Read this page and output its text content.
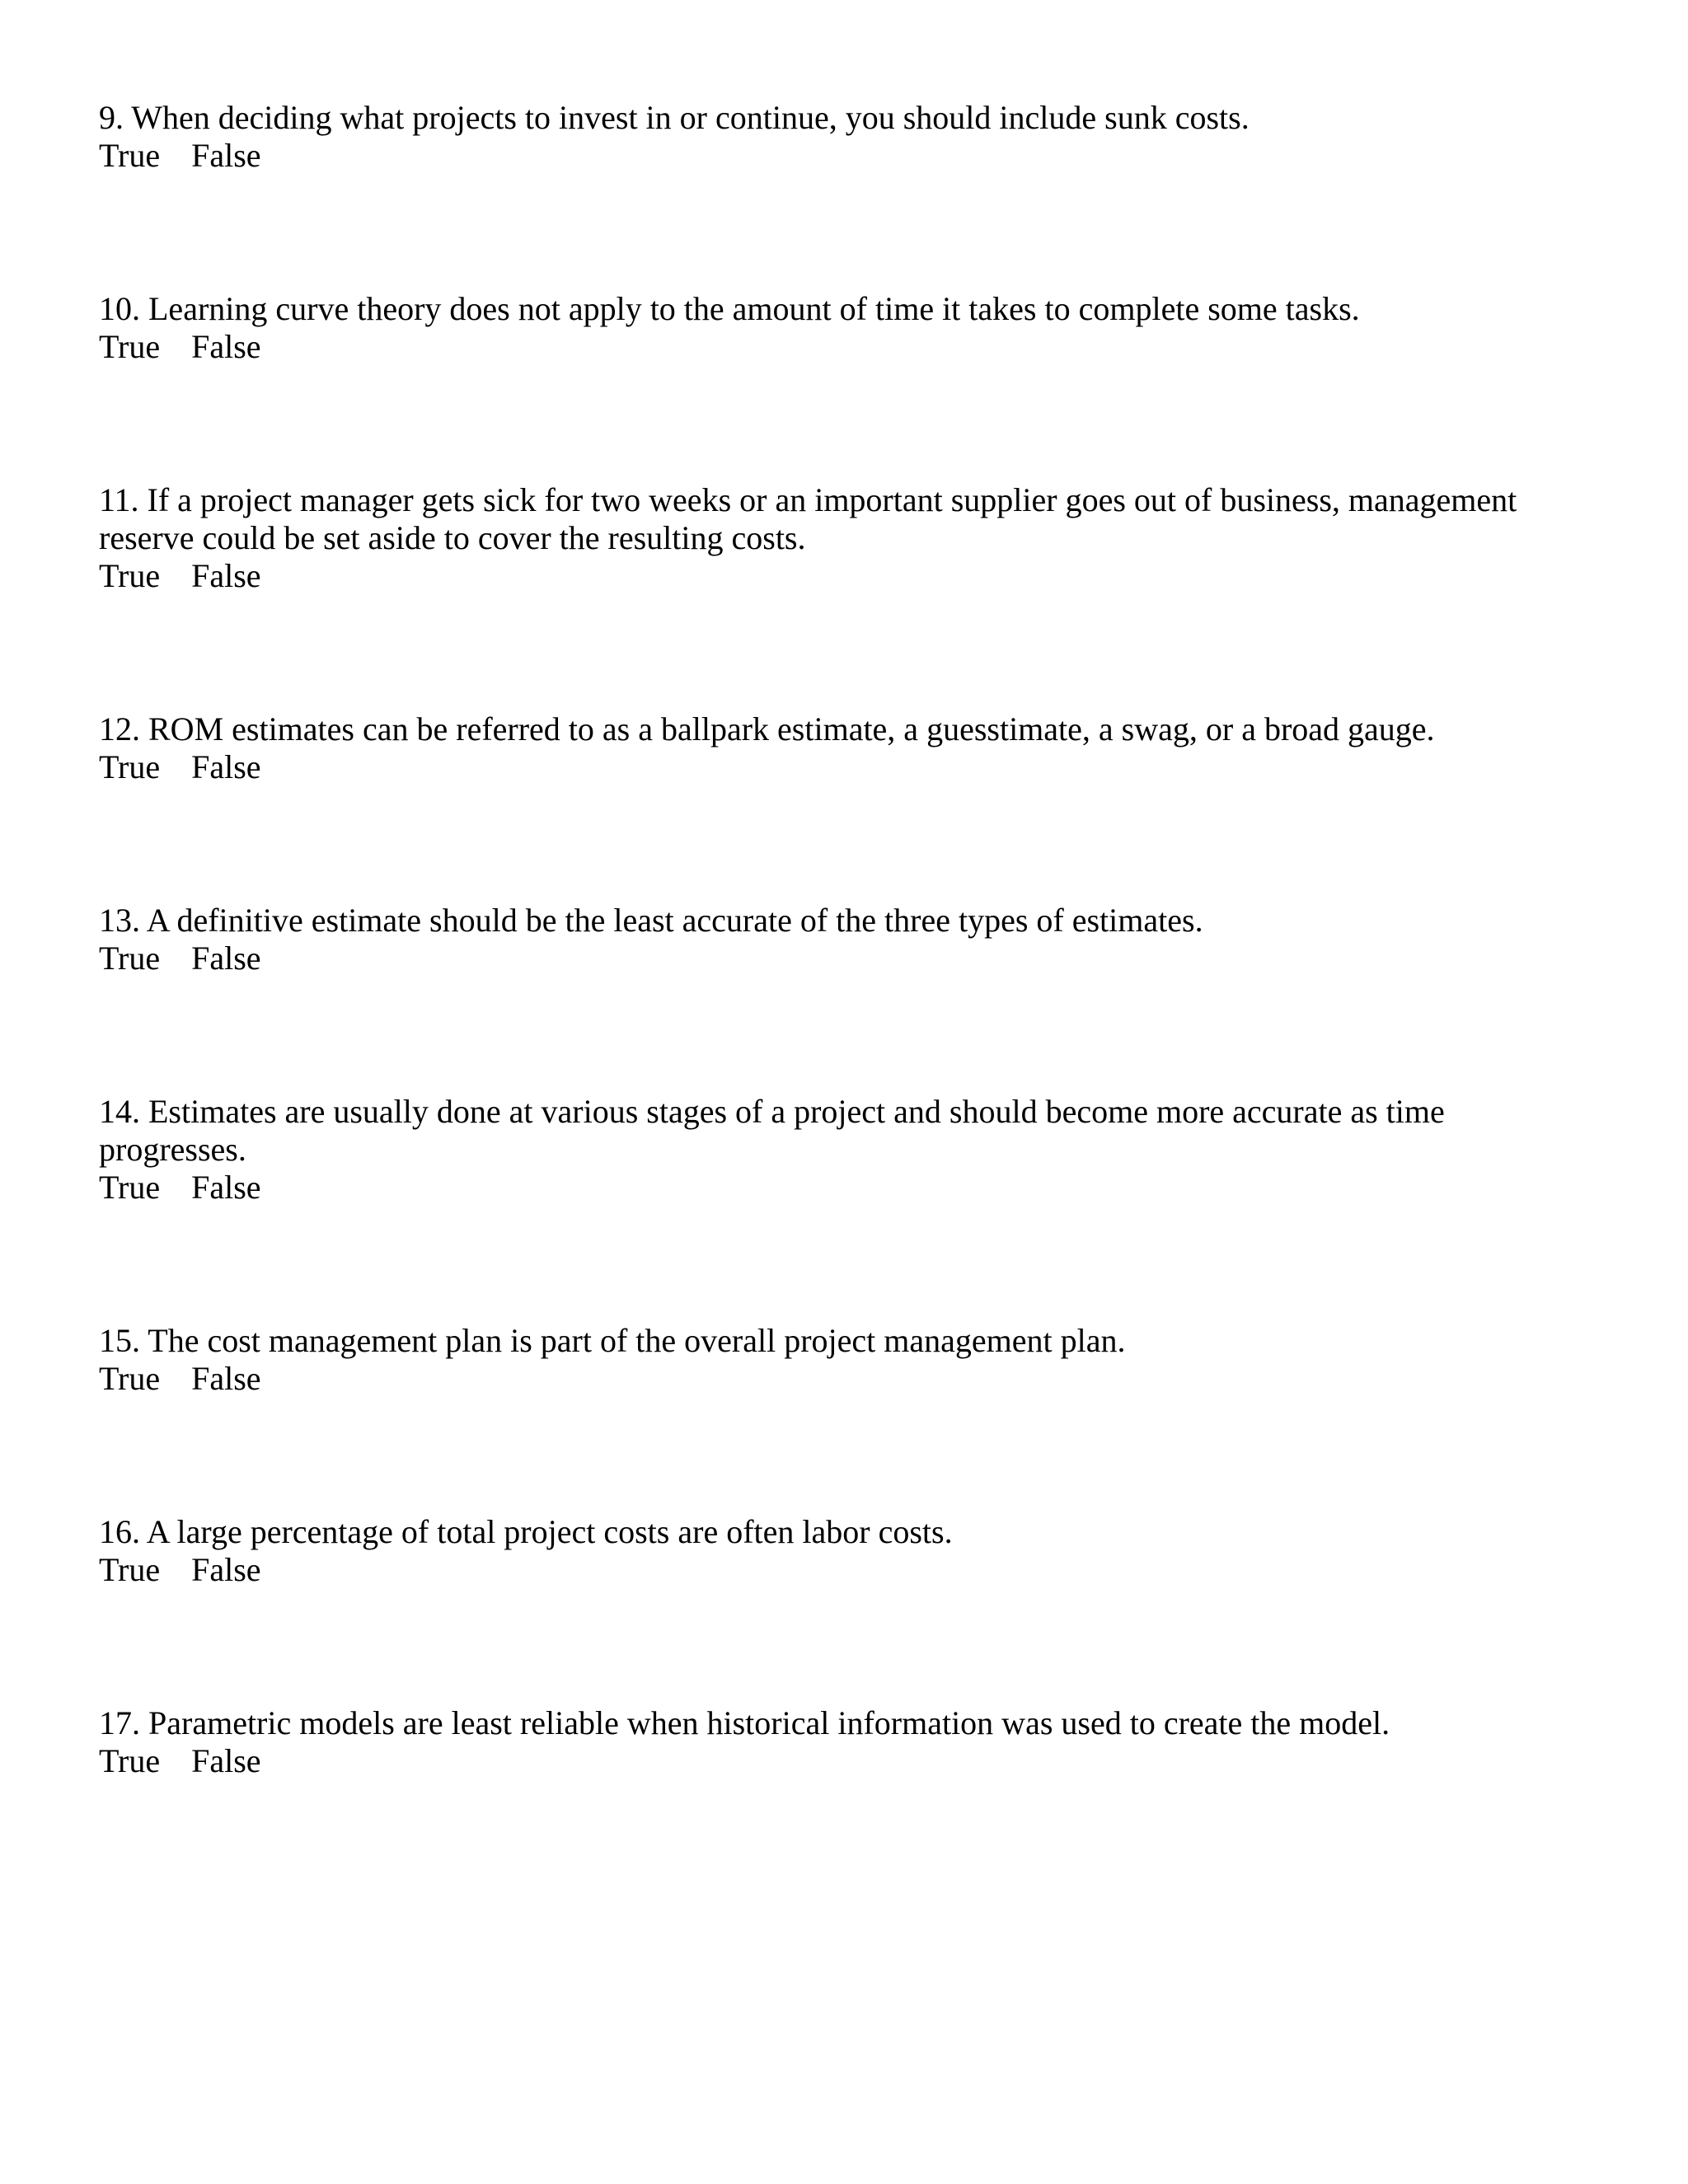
9. When deciding what projects to invest in or continue, you should include sunk costs.
True False
10. Learning curve theory does not apply to the amount of time it takes to complete some tasks.
True False
11. If a project manager gets sick for two weeks or an important supplier goes out of business, management reserve could be set aside to cover the resulting costs.
True False
12. ROM estimates can be referred to as a ballpark estimate, a guesstimate, a swag, or a broad gauge.
True False
13. A definitive estimate should be the least accurate of the three types of estimates.
True False
14. Estimates are usually done at various stages of a project and should become more accurate as time progresses.
True False
15. The cost management plan is part of the overall project management plan.
True False
16. A large percentage of total project costs are often labor costs.
True False
17. Parametric models are least reliable when historical information was used to create the model.
True False
